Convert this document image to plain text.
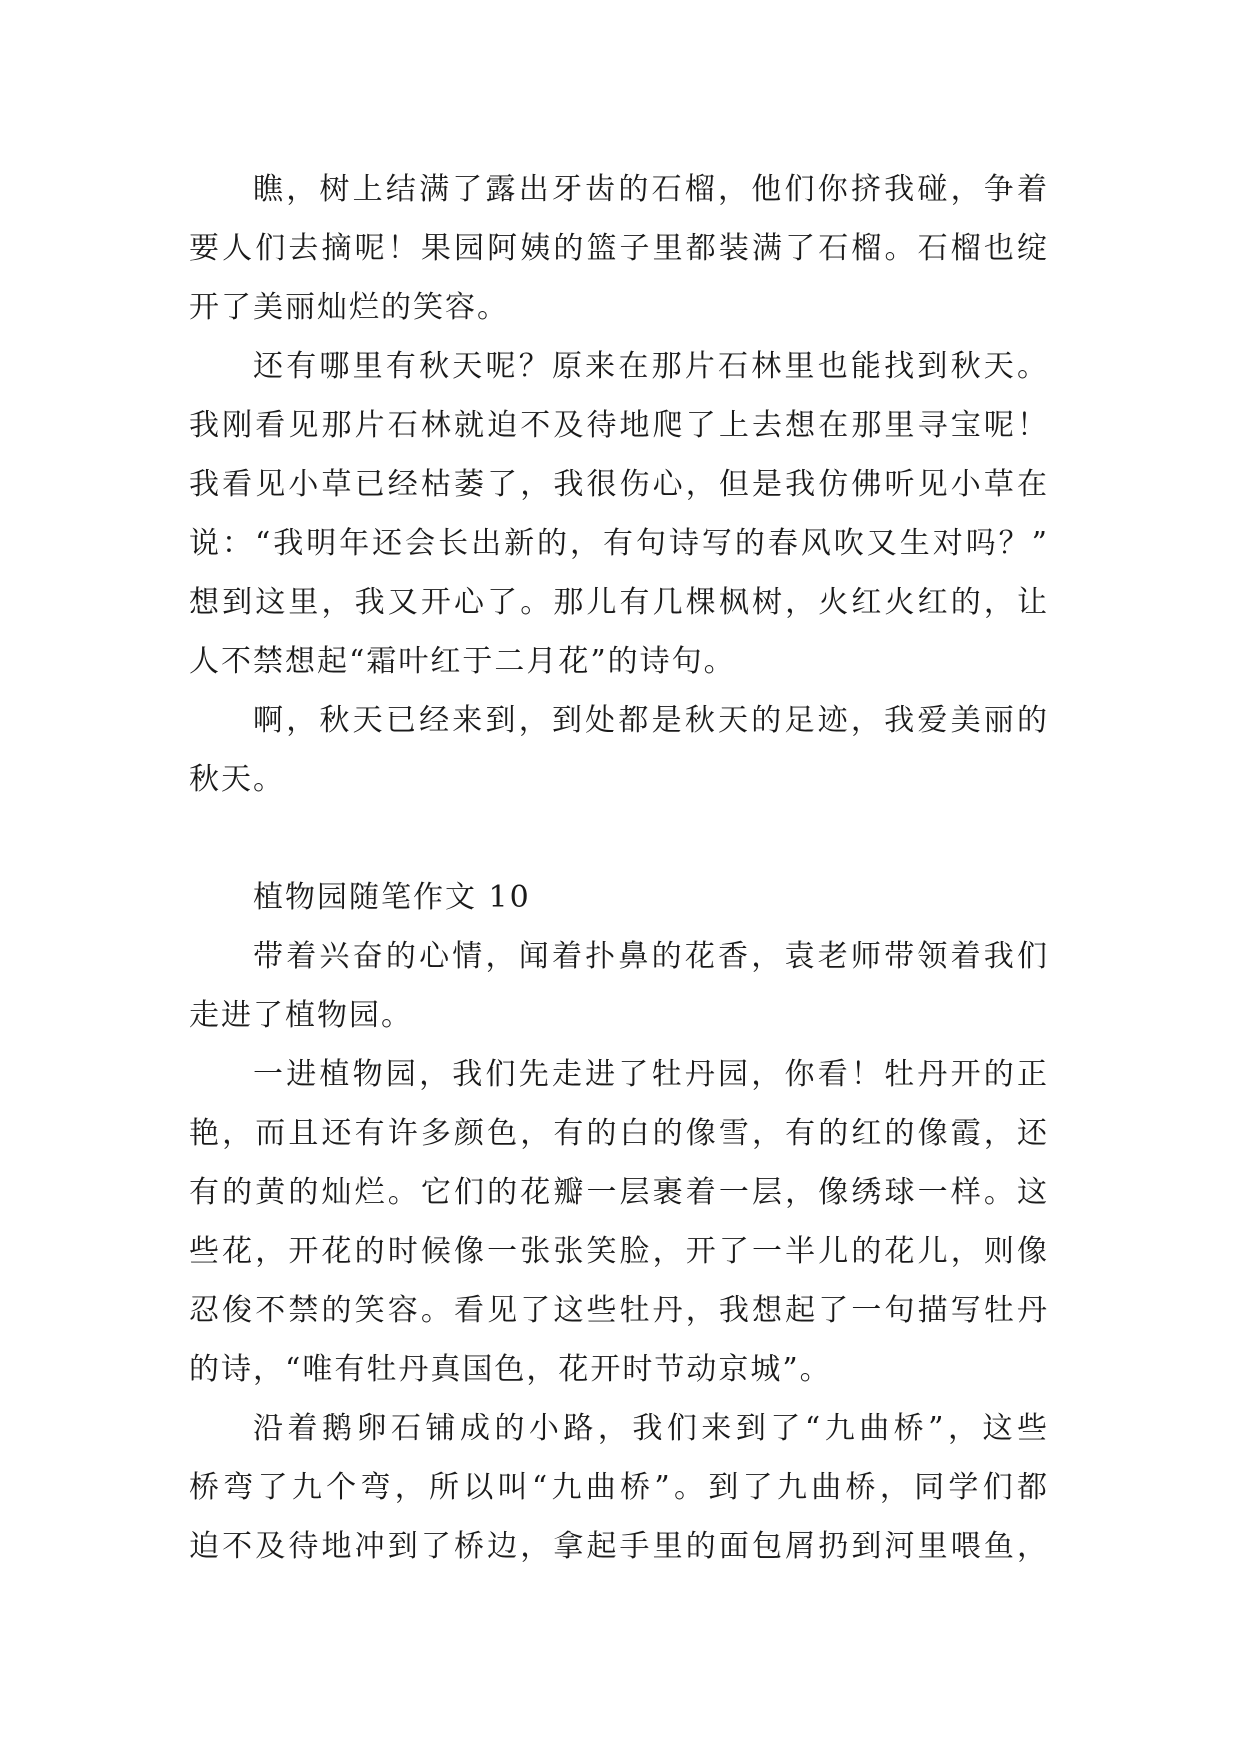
瞧，树上结满了露出牙齿的石榴，他们你挤我碰，争着
要人们去摘呢！果园阿姨的篮子里都装满了石榴。石榴也绽
开了美丽灿烂的笑容。
还有哪里有秋天呢？原来在那片石林里也能找到秋天。
我刚看见那片石林就迫不及待地爬了上去想在那里寻宝呢！
我看见小草已经枯萎了，我很伤心，但是我仿佛听见小草在
说：“我明年还会长出新的，有句诗写的春风吹又生对吗？”
想到这里，我又开心了。那儿有几棵枫树，火红火红的，让
人不禁想起“霜叶红于二月花”的诗句。
啊，秋天已经来到，到处都是秋天的足迹，我爱美丽的
秋天。
植物园随笔作文 10
带着兴奋的心情，闻着扑鼻的花香，袁老师带领着我们
走进了植物园。
一进植物园，我们先走进了牡丹园，你看！牡丹开的正
艳，而且还有许多颜色，有的白的像雪，有的红的像霞，还
有的黄的灿烂。它们的花瓣一层裹着一层，像绣球一样。这
些花，开花的时候像一张张笑脸，开了一半儿的花儿，则像
忍俊不禁的笑容。看见了这些牡丹，我想起了一句描写牡丹
的诗，“唯有牡丹真国色，花开时节动京城”。
沿着鹅卵石铺成的小路，我们来到了“九曲桥”，这些
桥弯了九个弯，所以叫“九曲桥”。到了九曲桥，同学们都
迫不及待地冲到了桥边，拿起手里的面包屑扔到河里喂鱼，
